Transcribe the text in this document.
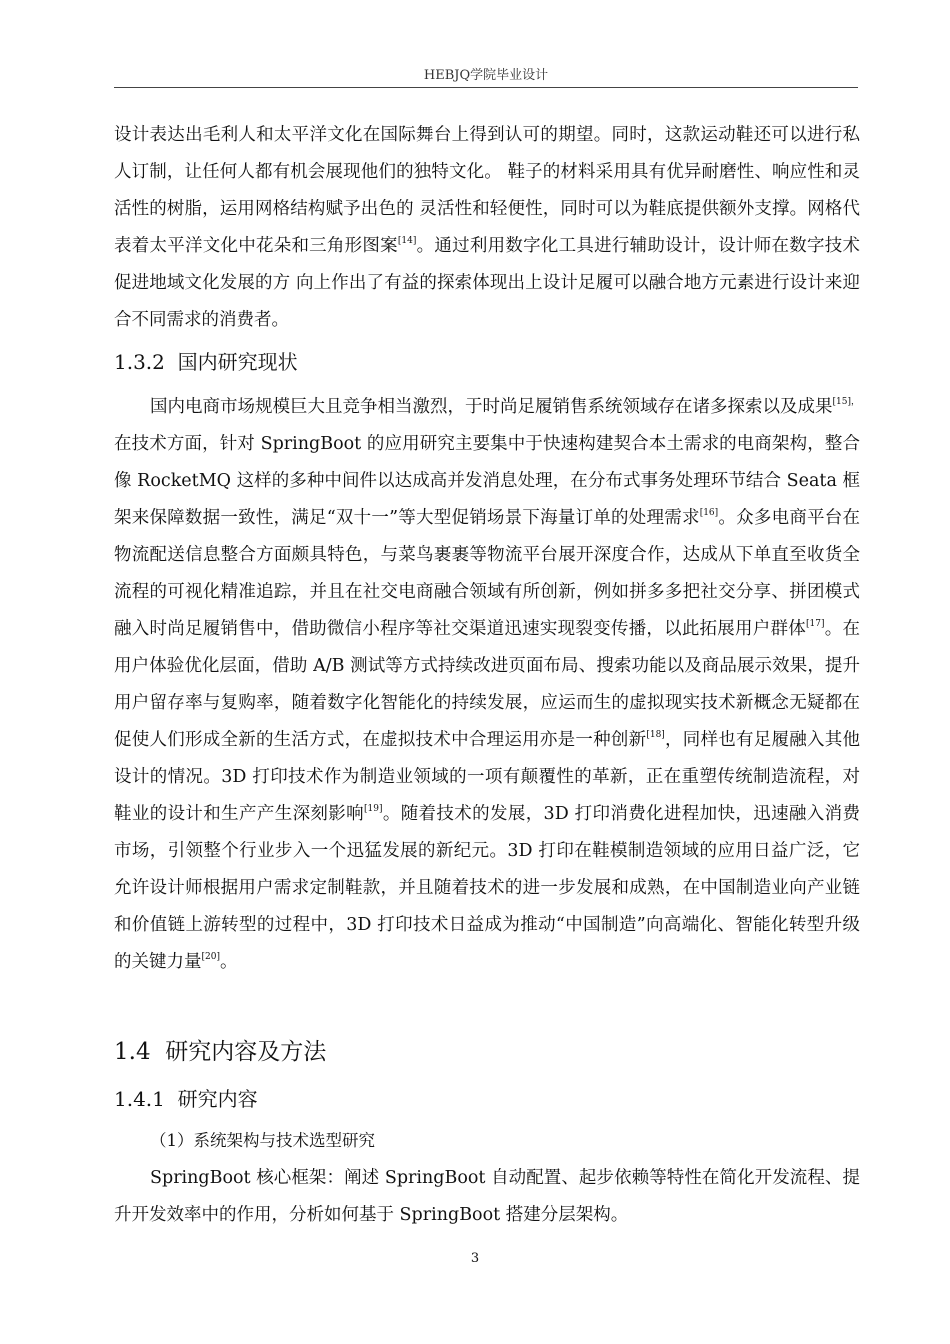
HEBJQ学院毕业设计
设计表达出毛利人和太平洋文化在国际舞台上得到认可的期望。同时，这款运动鞋还可以进行私人订制，让任何人都有机会展现他们的独特文化。 鞋子的材料采用具有优异耐磨性、响应性和灵活性的树脂，运用网格结构赋予出色的 灵活性和轻便性，同时可以为鞋底提供额外支撑。网格代表着太平洋文化中花朵和三角形图案[14]。通过利用数字化工具进行辅助设计，设计师在数字技术促进地域文化发展的方 向上作出了有益的探索体现出上设计足履可以融合地方元素进行设计来迎合不同需求的消费者。
1.3.2 国内研究现状
国内电商市场规模巨大且竞争相当激烈，于时尚足履销售系统领域存在诸多探索以及成果$^{[15],}$在技术方面，针对 SpringBoot 的应用研究主要集中于快速构建契合本土需求的电商架构，整合像 RocketMQ 这样的多种中间件以达成高并发消息处理，在分布式事务处理环节结合 Seata 框架来保障数据一致性，满足“双十一”等大型促销场景下海量订单的处理需求[16]。众多电商平台在物流配送信息整合方面颇具特色，与菜鸟裹裹等物流平台展开深度合作，达成从下单直至收货全流程的可视化精准追踪，并且在社交电商融合领域有所创新，例如拼多多把社交分享、拼团模式融入时尚足履销售中，借助微信小程序等社交渠道迅速实现裂变传播，以此拓展用户群体[17]。在用户体验优化层面，借助 A/B 测试等方式持续改进页面布局、搜索功能以及商品展示效果，提升用户留存率与复购率，随着数字化智能化的持续发展，应运而生的虚拟现实技术新概念无疑都在促使人们形成全新的生活方式，在虚拟技术中合理运用亦是一种创新[18]，同样也有足履融入其他设计的情况。3D 打印技术作为制造业领域的一项有颠覆性的革新，正在重塑传统制造流程，对鞋业的设计和生产产生深刻影响[19]。随着技术的发展，3D 打印消费化进程加快，迅速融入消费市场，引领整个行业步入一个迅猛发展的新纪元。3D 打印在鞋模制造领域的应用日益广泛，它允许设计师根据用户需求定制鞋款，并且随着技术的进一步发展和成熟，在中国制造业向产业链和价值链上游转型的过程中，3D 打印技术日益成为推动“中国制造”向高端化、智能化转型升级的关键力量[20]。
1.4 研究内容及方法
1.4.1 研究内容
（1）系统架构与技术选型研究
SpringBoot 核心框架：阐述 SpringBoot 自动配置、起步依赖等特性在简化开发流程、提升开发效率中的作用，分析如何基于 SpringBoot 搭建分层架构。
3
